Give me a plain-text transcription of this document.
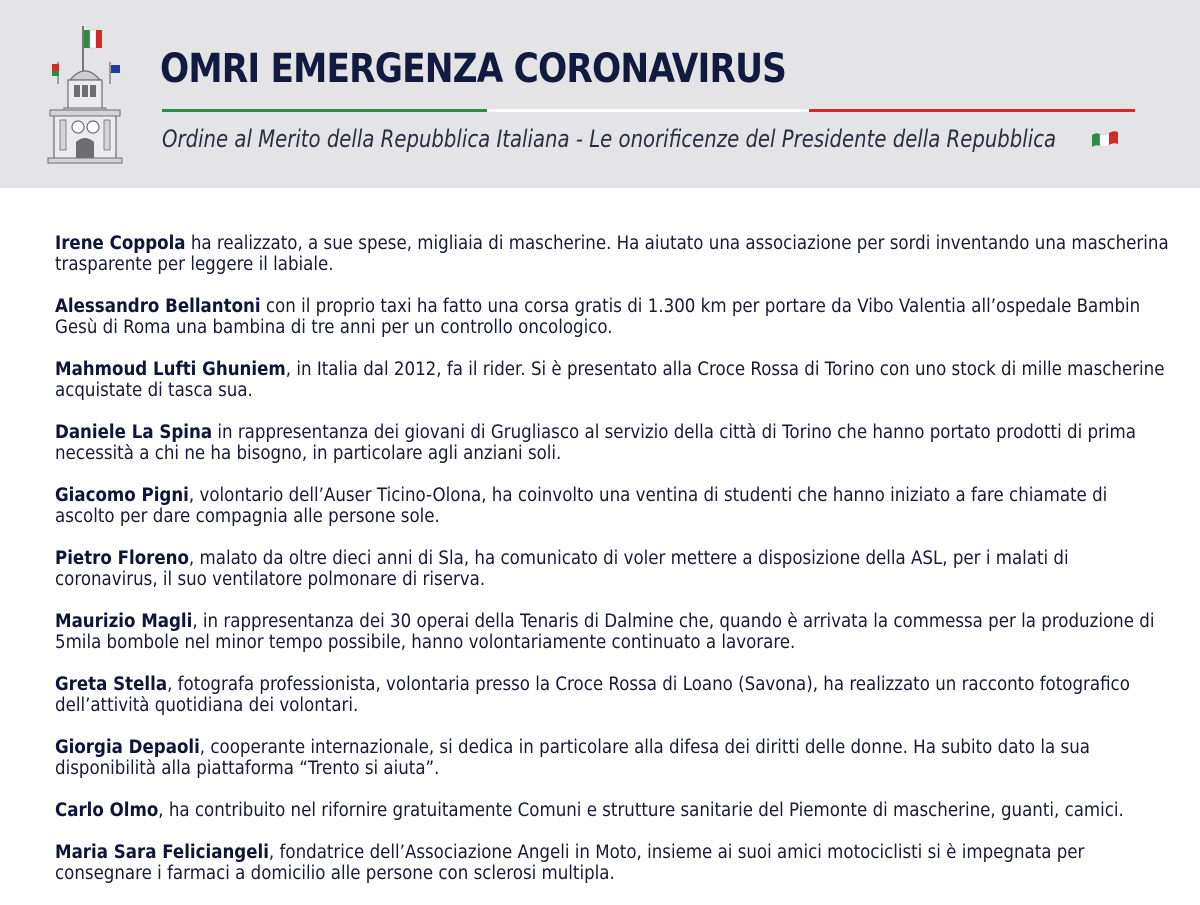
OMRI EMERGENZA CORONAVIRUS
Ordine al Merito della Repubblica Italiana - Le onorificenze del Presidente della Repubblica

Irene Coppola ha realizzato, a sue spese, migliaia di mascherine. Ha aiutato una associazione per sordi inventando una mascherina trasparente per leggere il labiale.

Alessandro Bellantoni con il proprio taxi ha fatto una corsa gratis di 1.300 km per portare da Vibo Valentia all’ospedale Bambin Gesù di Roma una bambina di tre anni per un controllo oncologico.

Mahmoud Lufti Ghuniem, in Italia dal 2012, fa il rider. Si è presentato alla Croce Rossa di Torino con uno stock di mille mascherine acquistate di tasca sua.

Daniele La Spina in rappresentanza dei giovani di Grugliasco al servizio della città di Torino che hanno portato prodotti di prima necessità a chi ne ha bisogno, in particolare agli anziani soli.

Giacomo Pigni, volontario dell’Auser Ticino-Olona, ha coinvolto una ventina di studenti che hanno iniziato a fare chiamate di ascolto per dare compagnia alle persone sole.

Pietro Floreno, malato da oltre dieci anni di Sla, ha comunicato di voler mettere a disposizione della ASL, per i malati di coronavirus, il suo ventilatore polmonare di riserva.

Maurizio Magli, in rappresentanza dei 30 operai della Tenaris di Dalmine che, quando è arrivata la commessa per la produzione di 5mila bombole nel minor tempo possibile, hanno volontariamente continuato a lavorare.

Greta Stella, fotografa professionista, volontaria presso la Croce Rossa di Loano (Savona), ha realizzato un racconto fotografico dell’attività quotidiana dei volontari.

Giorgia Depaoli, cooperante internazionale, si dedica in particolare alla difesa dei diritti delle donne. Ha subito dato la sua disponibilità alla piattaforma “Trento si aiuta”.

Carlo Olmo, ha contribuito nel rifornire gratuitamente Comuni e strutture sanitarie del Piemonte di mascherine, guanti, camici.

Maria Sara Feliciangeli, fondatrice dell’Associazione Angeli in Moto, insieme ai suoi amici motociclisti si è impegnata per consegnare i farmaci a domicilio alle persone con sclerosi multipla.
